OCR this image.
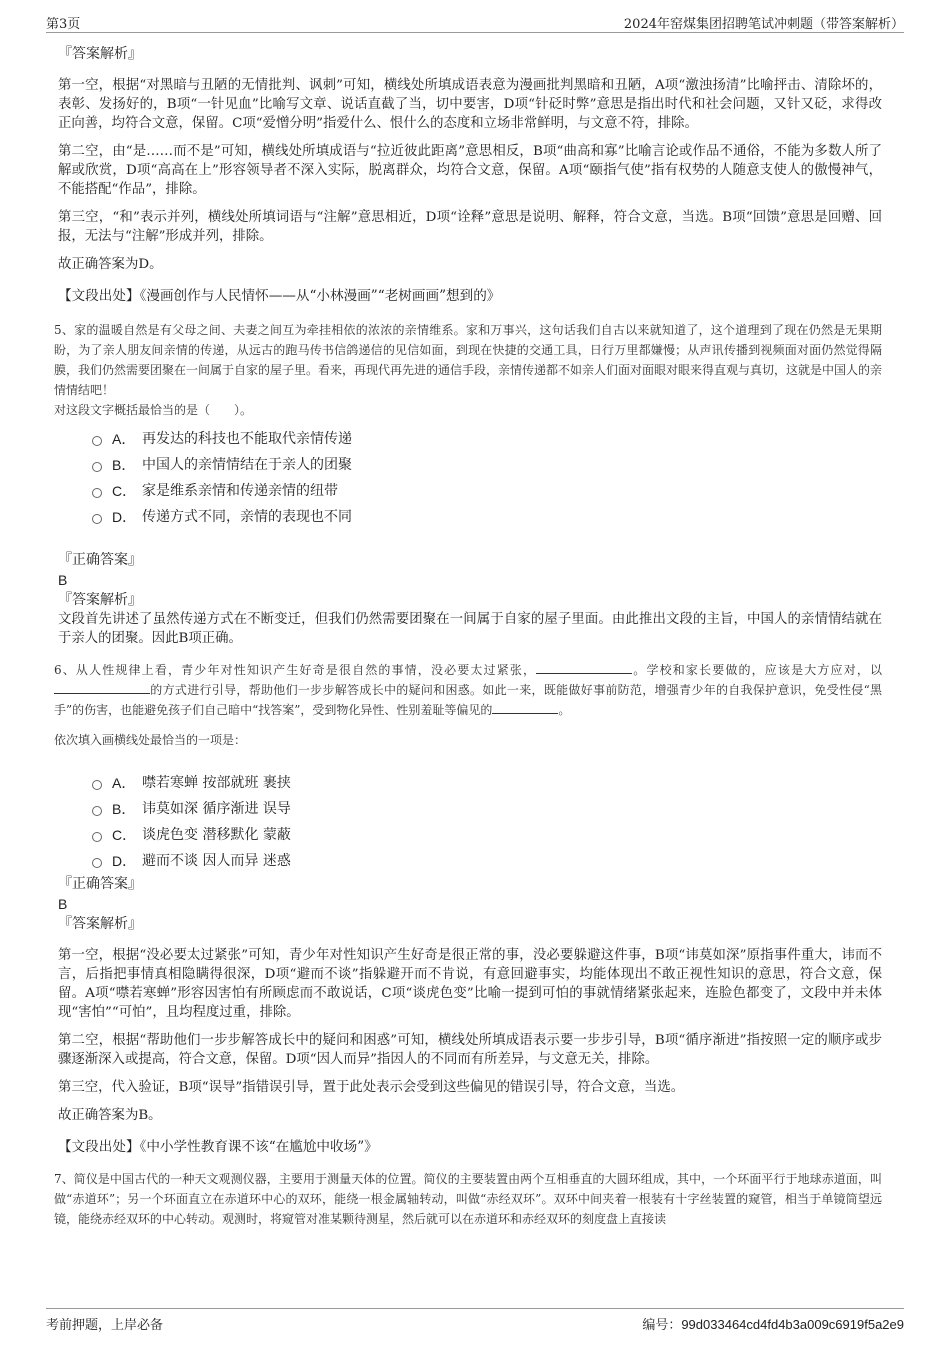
第3页	2024年窑煤集团招聘笔试冲刺题（带答案解析）

『答案解析』

第一空，根据“对黑暗与丑陋的无情批判、讽刺”可知，横线处所填成语表意为漫画批判黑暗和丑陋，A项“激浊扬清”比喻抨击、清除坏的，表彰、发扬好的，B项“一针见血”比喻写文章、说话直截了当，切中要害，D项“针砭时弊”意思是指出时代和社会问题，又针又砭，求得改正向善，均符合文意，保留。C项“爱憎分明”指爱什么、恨什么的态度和立场非常鲜明，与文意不符，排除。

第二空，由“是……而不是”可知，横线处所填成语与“拉近彼此距离”意思相反，B项“曲高和寡”比喻言论或作品不通俗，不能为多数人所了解或欣赏，D项“高高在上”形容领导者不深入实际，脱离群众，均符合文意，保留。A项“颐指气使”指有权势的人随意支使人的傲慢神气，不能搭配“作品”，排除。

第三空，“和”表示并列，横线处所填词语与“注解”意思相近，D项“诠释”意思是说明、解释，符合文意，当选。B项“回馈”意思是回赠、回报，无法与“注解”形成并列，排除。

故正确答案为D。

【文段出处】《漫画创作与人民情怀——从“小林漫画”“老树画画”想到的》

5、家的温暖自然是有父母之间、夫妻之间互为牵挂相依的浓浓的亲情维系。家和万事兴，这句话我们自古以来就知道了，这个道理到了现在仍然是无果期盼，为了亲人朋友间亲情的传递，从远古的跑马传书信鸽递信的见信如面，到现在快捷的交通工具，日行万里都嫌慢；从声讯传播到视频面对面仍然觉得隔膜，我们仍然需要团聚在一间属于自家的屋子里。看来，再现代再先进的通信手段，亲情传递都不如亲人们面对面眼对眼来得直观与真切，这就是中国人的亲情情结吧！

对这段文字概括最恰当的是（　　）。

A． 再发达的科技也不能取代亲情传递
B． 中国人的亲情情结在于亲人的团聚
C． 家是维系亲情和传递亲情的纽带
D． 传递方式不同，亲情的表现也不同

『正确答案』

B

『答案解析』

文段首先讲述了虽然传递方式在不断变迁，但我们仍然需要团聚在一间属于自家的屋子里面。由此推出文段的主旨，中国人的亲情情结就在于亲人的团聚。因此B项正确。

6、从人性规律上看，青少年对性知识产生好奇是很自然的事情，没必要太过紧张，	。学校和家长要做的，应该是大方应对，以的方式进行引导，帮助他们一步步解答成长中的疑问和困惑。如此一来，既能做好事前防范，增强青少年的自我保护意识，免受性侵“黑手”的伤害，也能避免孩子们自己暗中“找答案”，受到物化异性、性别羞耻等偏见的	。

依次填入画横线处最恰当的一项是：

A． 噤若寒蝉 按部就班 裹挟
B． 讳莫如深 循序渐进 误导
C． 谈虎色变 潜移默化 蒙蔽
D． 避而不谈 因人而异 迷惑

『正确答案』

B

『答案解析』

第一空，根据“没必要太过紧张”可知，青少年对性知识产生好奇是很正常的事，没必要躲避这件事，B项“讳莫如深”原指事件重大，讳而不言，后指把事情真相隐瞒得很深，D项“避而不谈”指躲避开而不肯说，有意回避事实，均能体现出不敢正视性知识的意思，符合文意，保留。A项“噤若寒蝉”形容因害怕有所顾虑而不敢说话，C项“谈虎色变”比喻一提到可怕的事就情绪紧张起来，连脸色都变了，文段中并未体现“害怕”“可怕”，且均程度过重，排除。

第二空，根据“帮助他们一步步解答成长中的疑问和困惑”可知，横线处所填成语表示要一步步引导，B项“循序渐进”指按照一定的顺序或步骤逐渐深入或提高，符合文意，保留。D项“因人而异”指因人的不同而有所差异，与文意无关，排除。

第三空，代入验证，B项“误导”指错误引导，置于此处表示会受到这些偏见的错误引导，符合文意，当选。

故正确答案为B。

【文段出处】《中小学性教育课不该“在尴尬中收场”》

7、简仪是中国古代的一种天文观测仪器，主要用于测量天体的位置。简仪的主要装置由两个互相垂直的大圆环组成，其中，一个环面平行于地球赤道面，叫做“赤道环”；另一个环面直立在赤道环中心的双环，能绕一根金属轴转动，叫做“赤经双环”。双环中间夹着一根装有十字丝装置的窥管，相当于单镜筒望远镜，能绕赤经双环的中心转动。观测时，将窥管对准某颗待测星，然后就可以在赤道环和赤经双环的刻度盘上直接读

考前押题，上岸必备	编号：99d033464cd4fd4b3a009c6919f5a2e9
